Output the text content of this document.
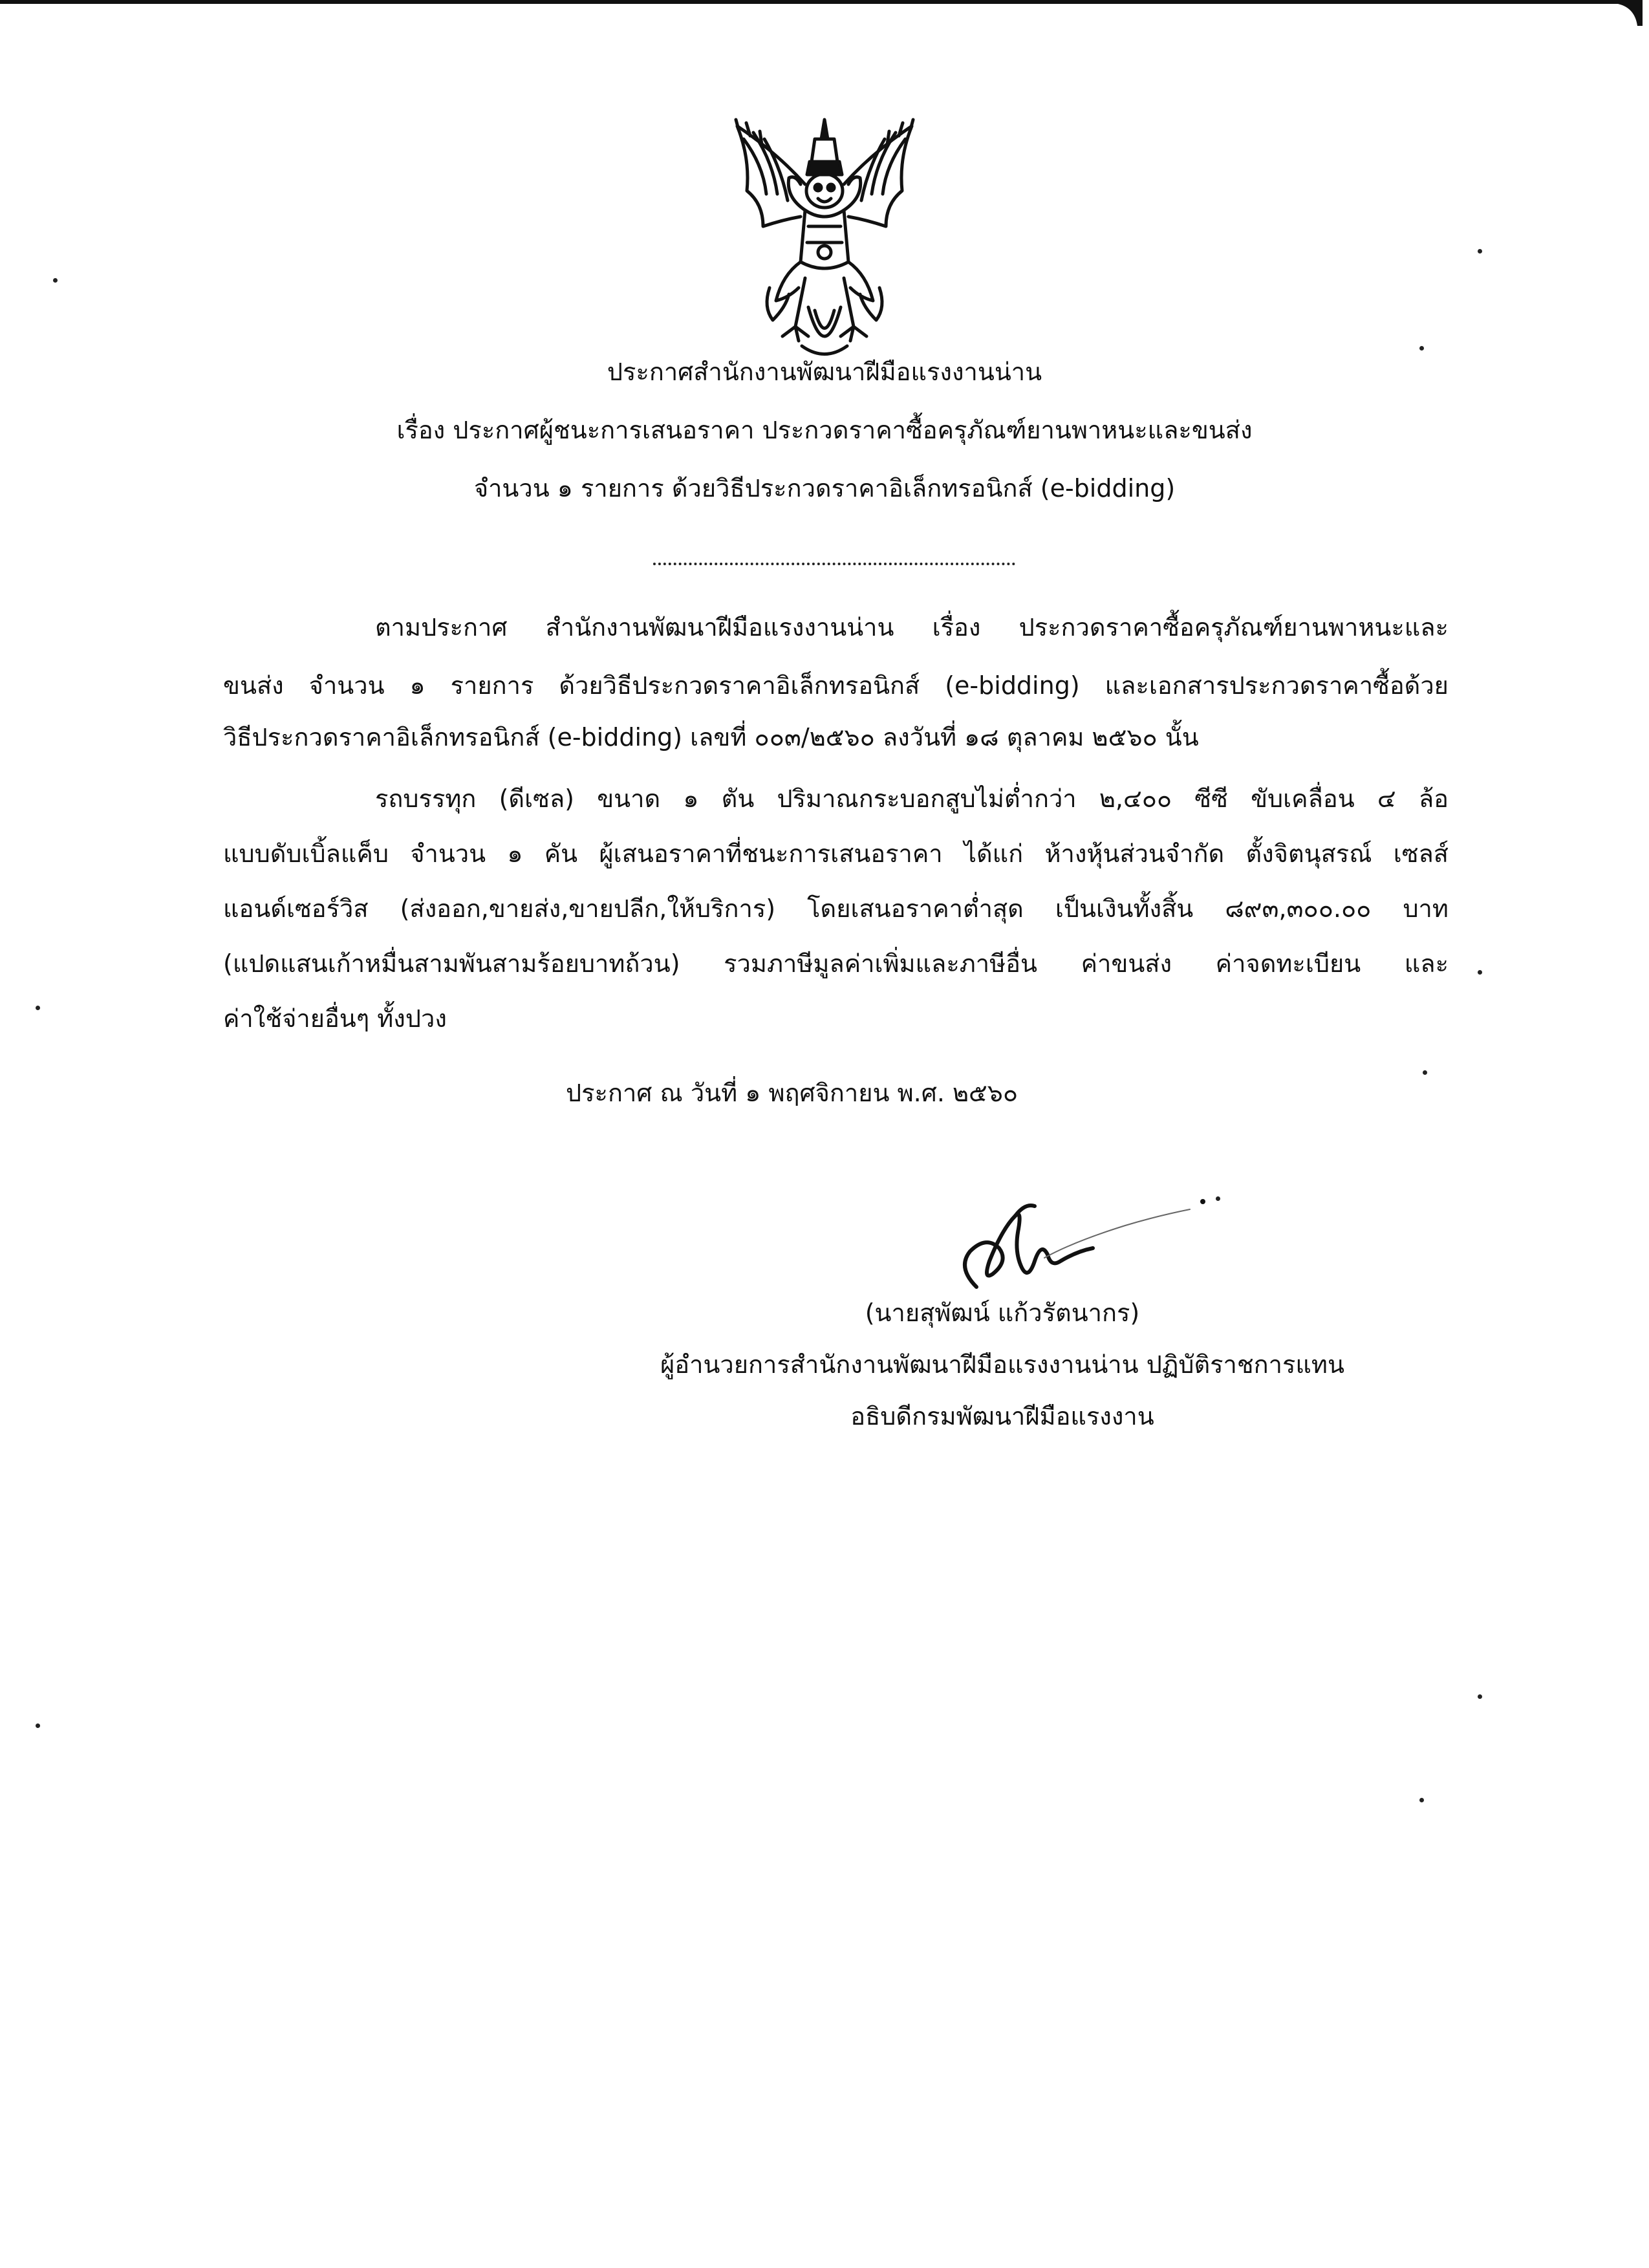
ประกาศสำนักงานพัฒนาฝีมือแรงงานน่าน
เรื่อง ประกาศผู้ชนะการเสนอราคา ประกวดราคาซื้อครุภัณฑ์ยานพาหนะและขนส่ง
จำนวน ๑ รายการ ด้วยวิธีประกวดราคาอิเล็กทรอนิกส์ (e-bidding)
ตามประกาศ สำนักงานพัฒนาฝีมือแรงงานน่าน เรื่อง ประกวดราคาซื้อครุภัณฑ์ยานพาหนะและ
ขนส่ง จำนวน ๑ รายการ ด้วยวิธีประกวดราคาอิเล็กทรอนิกส์ (e-bidding) และเอกสารประกวดราคาซื้อด้วย
วิธีประกวดราคาอิเล็กทรอนิกส์ (e-bidding) เลขที่ ๐๐๓/๒๕๖๐ ลงวันที่ ๑๘ ตุลาคม ๒๕๖๐ นั้น
รถบรรทุก (ดีเซล) ขนาด ๑ ตัน ปริมาณกระบอกสูบไม่ต่ำกว่า ๒,๔๐๐ ซีซี ขับเคลื่อน ๔ ล้อ
แบบดับเบิ้ลแค็บ จำนวน ๑ คัน ผู้เสนอราคาที่ชนะการเสนอราคา ได้แก่ ห้างหุ้นส่วนจำกัด ตั้งจิตนุสรณ์ เซลส์
แอนด์เซอร์วิส (ส่งออก,ขายส่ง,ขายปลีก,ให้บริการ) โดยเสนอราคาต่ำสุด เป็นเงินทั้งสิ้น ๘๙๓,๓๐๐.๐๐ บาท
(แปดแสนเก้าหมื่นสามพันสามร้อยบาทถ้วน) รวมภาษีมูลค่าเพิ่มและภาษีอื่น ค่าขนส่ง ค่าจดทะเบียน และ
ค่าใช้จ่ายอื่นๆ ทั้งปวง
ประกาศ ณ วันที่ ๑ พฤศจิกายน พ.ศ. ๒๕๖๐
(นายสุพัฒน์ แก้วรัตนากร)
ผู้อำนวยการสำนักงานพัฒนาฝีมือแรงงานน่าน ปฏิบัติราชการแทน
อธิบดีกรมพัฒนาฝีมือแรงงาน
